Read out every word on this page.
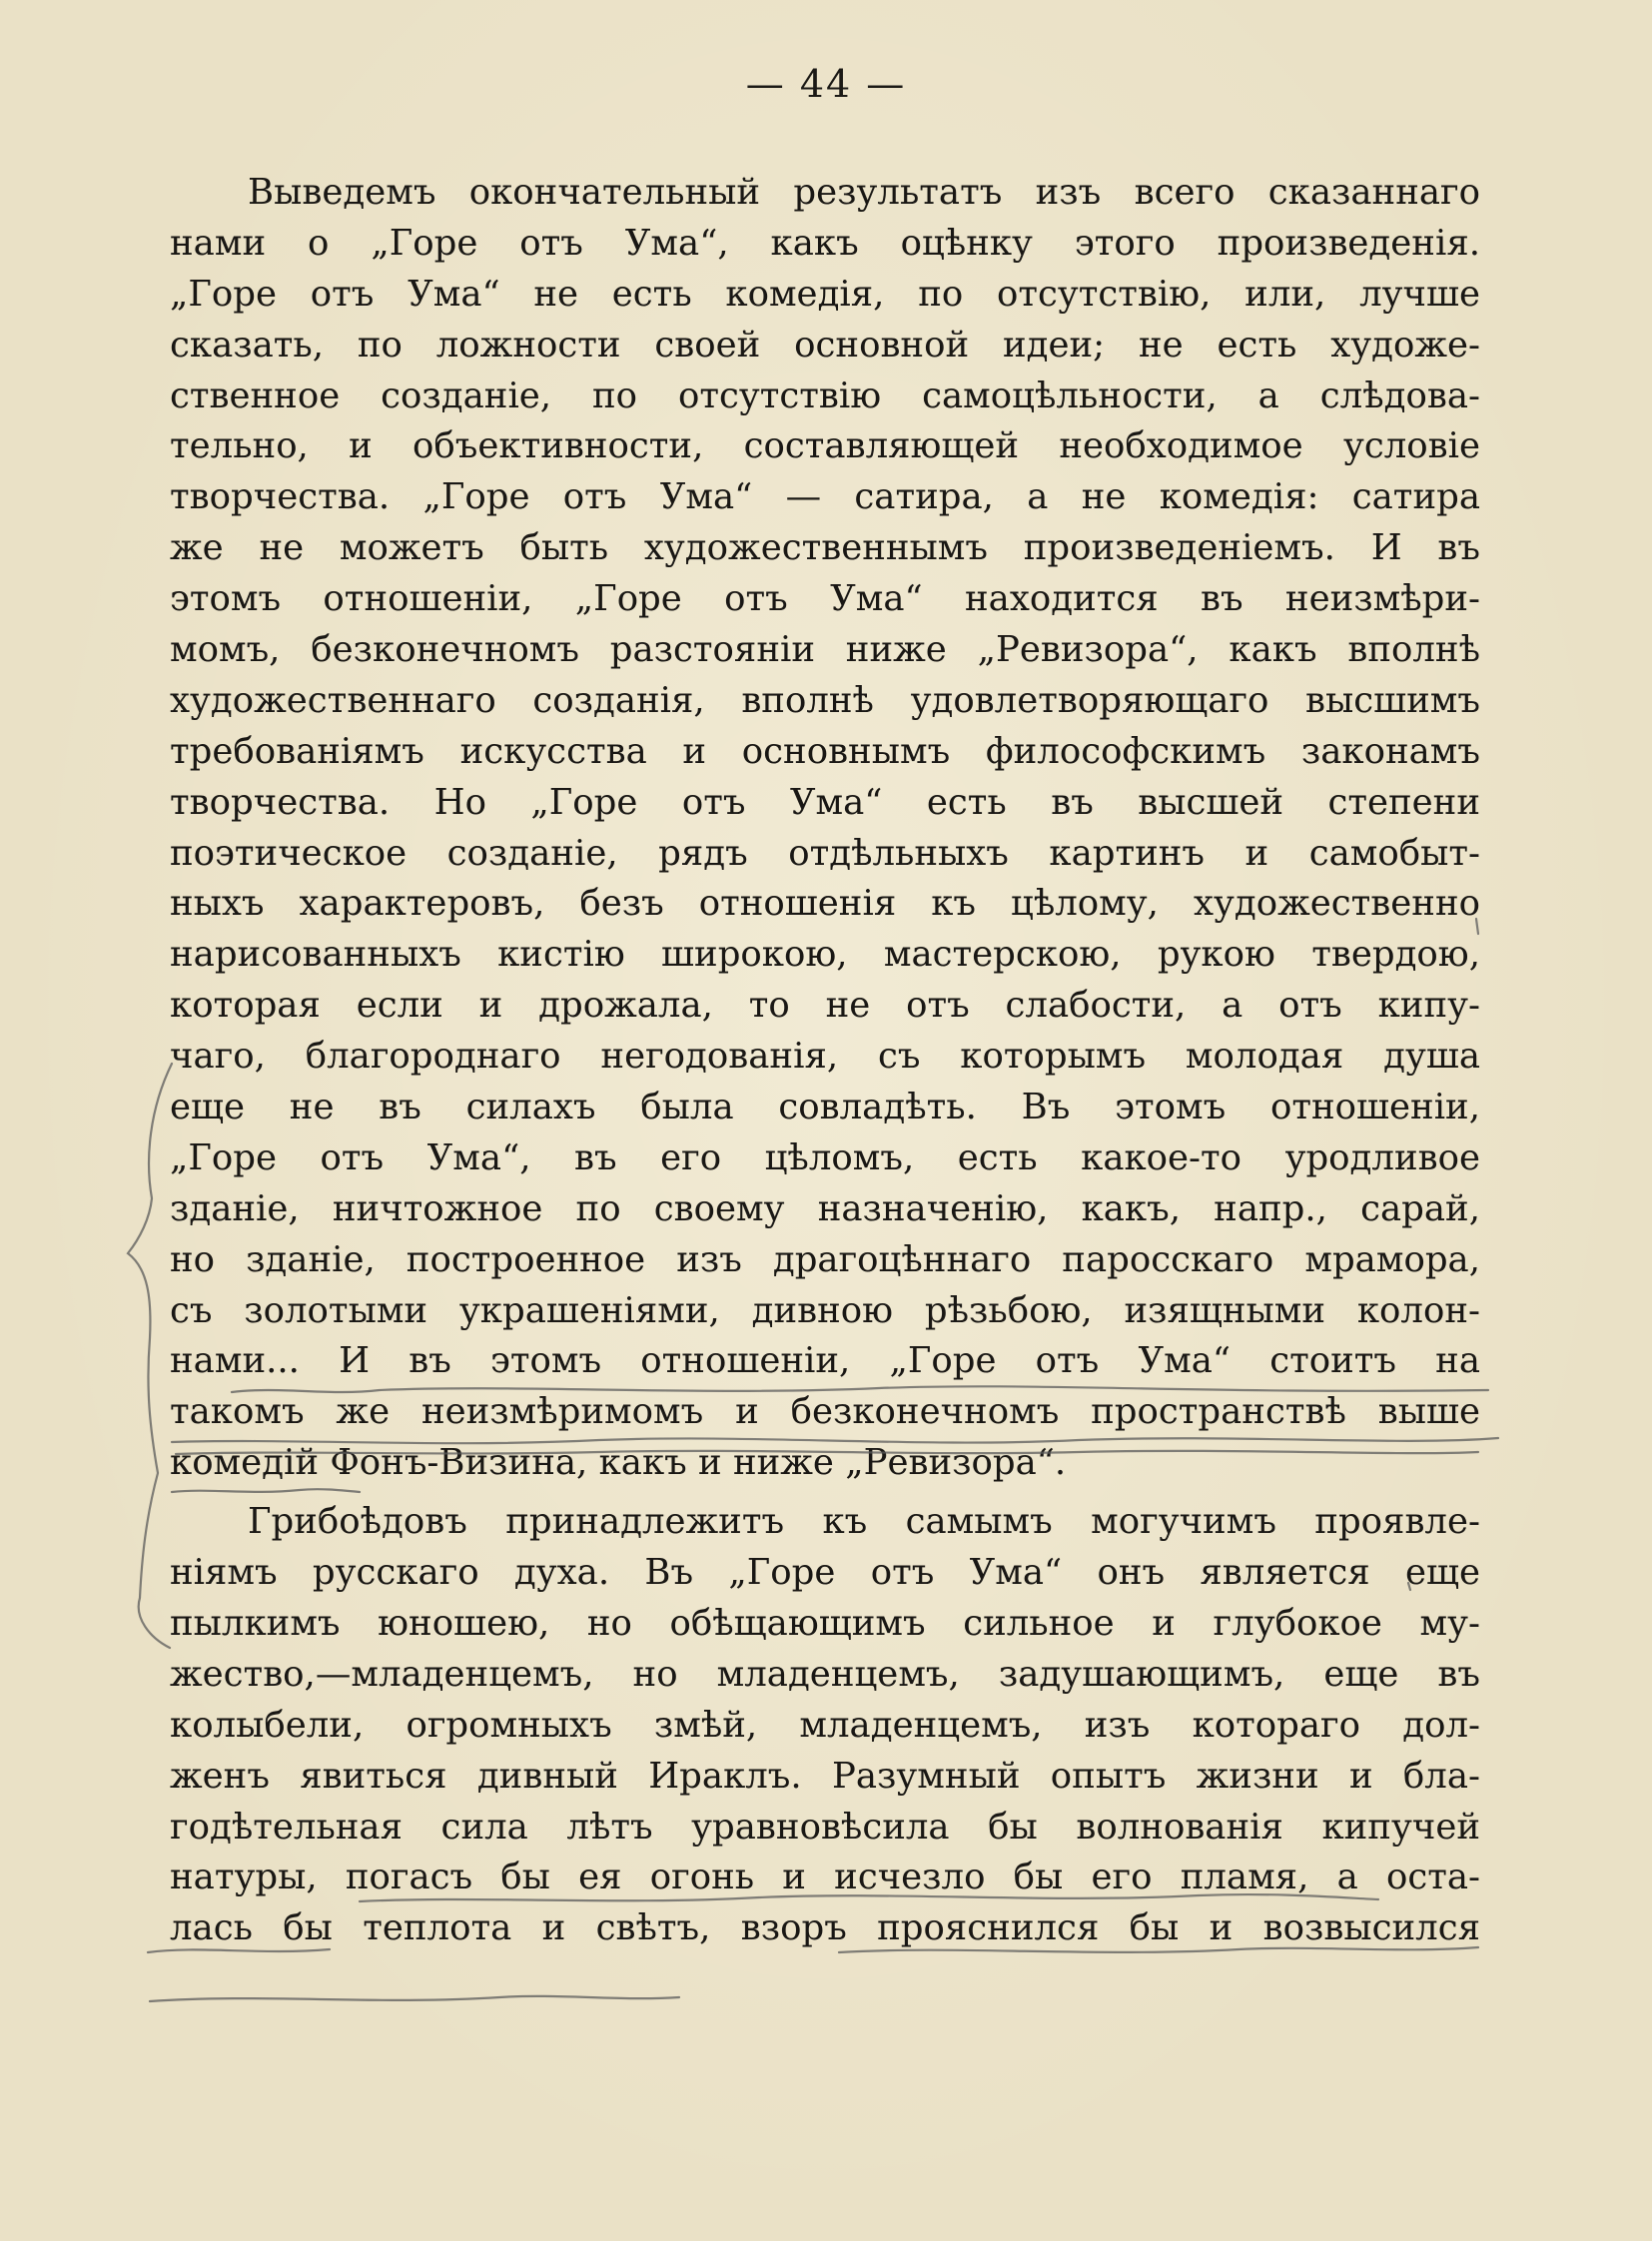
— 44 —
Выведемъ окончательный результатъ изъ всего сказаннаго
нами о „Горе отъ Ума“, какъ оцѣнку этого произведенія.
„Горе отъ Ума“ не есть комедія, по отсутствію, или, лучше
сказать, по ложности своей основной идеи; не есть художе-
ственное созданіе, по отсутствію самоцѣльности, а слѣдова-
тельно, и объективности, составляющей необходимое условіе
творчества. „Горе отъ Ума“ — сатира, а не комедія: сатира
же не можетъ быть художественнымъ произведеніемъ. И въ
этомъ отношеніи, „Горе отъ Ума“ находится въ неизмѣри-
момъ, безконечномъ разстояніи ниже „Ревизора“, какъ вполнѣ
художественнаго созданія, вполнѣ удовлетворяющаго высшимъ
требованіямъ искусства и основнымъ философскимъ законамъ
творчества. Но „Горе отъ Ума“ есть въ высшей степени
поэтическое созданіе, рядъ отдѣльныхъ картинъ и самобыт-
ныхъ характеровъ, безъ отношенія къ цѣлому, художественно
нарисованныхъ кистію широкою, мастерскою, рукою твердою,
которая если и дрожала, то не отъ слабости, а отъ кипу-
чаго, благороднаго негодованія, съ которымъ молодая душа
еще не въ силахъ была совладѣть. Въ этомъ отношеніи,
„Горе отъ Ума“, въ его цѣломъ, есть какое-то уродливое
зданіе, ничтожное по своему назначенію, какъ, напр., сарай,
но зданіе, построенное изъ драгоцѣннаго паросскаго мрамора,
съ золотыми украшеніями, дивною рѣзьбою, изящными колон-
нами... И въ этомъ отношеніи, „Горе отъ Ума“ стоитъ на
такомъ же неизмѣримомъ и безконечномъ пространствѣ выше
комедій Фонъ-Визина, какъ и ниже „Ревизора“.
Грибоѣдовъ принадлежитъ къ самымъ могучимъ проявле-
ніямъ русскаго духа. Въ „Горе отъ Ума“ онъ является еще
пылкимъ юношею, но обѣщающимъ сильное и глубокое му-
жество,—младенцемъ, но младенцемъ, задушающимъ, еще въ
колыбели, огромныхъ змѣй, младенцемъ, изъ котораго дол-
женъ явиться дивный Ираклъ. Разумный опытъ жизни и бла-
годѣтельная сила лѣтъ уравновѣсила бы волнованія кипучей
натуры, погасъ бы ея огонь и исчезло бы его пламя, а оста-
лась бы теплота и свѣтъ, взоръ прояснился бы и возвысился
